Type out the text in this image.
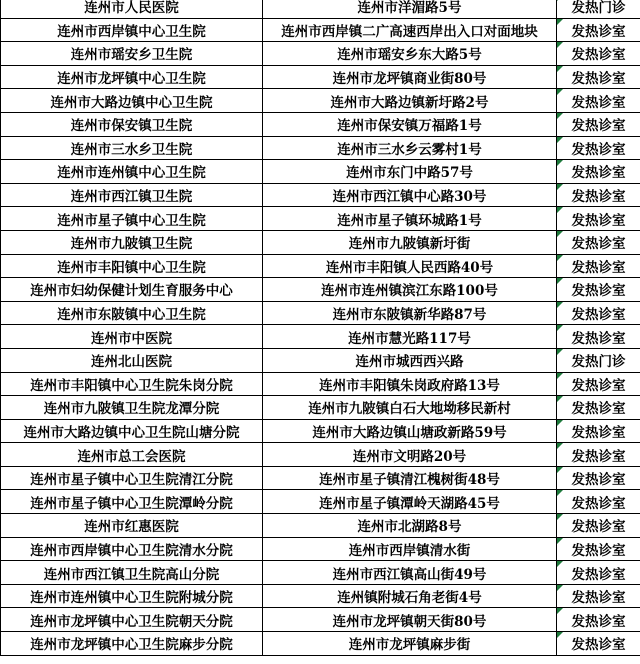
连州市人民医院	连州市洋湄路5号	发热门诊
连州市西岸镇中心卫生院	连州市西岸镇二广高速西岸出入口对面地块	发热诊室
连州市瑶安乡卫生院	连州市瑶安乡东大路5号	发热诊室
连州市龙坪镇中心卫生院	连州市龙坪镇商业街80号	发热诊室
连州市大路边镇中心卫生院	连州市大路边镇新圩路2号	发热诊室
连州市保安镇卫生院	连州市保安镇万福路1号	发热诊室
连州市三水乡卫生院	连州市三水乡云雾村1号	发热诊室
连州市连州镇中心卫生院	连州市东门中路57号	发热诊室
连州市西江镇卫生院	连州市西江镇中心路30号	发热诊室
连州市星子镇中心卫生院	连州市星子镇环城路1号	发热诊室
连州市九陂镇卫生院	连州市九陂镇新圩街	发热诊室
连州市丰阳镇中心卫生院	连州市丰阳镇人民西路40号	发热诊室
连州市妇幼保健计划生育服务中心	连州市连州镇滨江东路100号	发热诊室
连州市东陂镇中心卫生院	连州市东陂镇新华路87号	发热诊室
连州市中医院	连州市慧光路117号	发热诊室
连州北山医院	连州市城西西兴路	发热门诊
连州市丰阳镇中心卫生院朱岗分院	连州市丰阳镇朱岗政府路13号	发热诊室
连州市九陂镇卫生院龙潭分院	连州市九陂镇白石大地坳移民新村	发热诊室
连州市大路边镇中心卫生院山塘分院	连州市大路边镇山塘政新路59号	发热诊室
连州市总工会医院	连州市文明路20号	发热诊室
连州市星子镇中心卫生院清江分院	连州市星子镇清江槐树街48号	发热诊室
连州市星子镇中心卫生院潭岭分院	连州市星子镇潭岭天湖路45号	发热诊室
连州市红惠医院	连州市北湖路8号	发热诊室
连州市西岸镇中心卫生院清水分院	连州市西岸镇清水街	发热诊室
连州市西江镇卫生院高山分院	连州市西江镇高山街49号	发热诊室
连州市连州镇中心卫生院附城分院	连州镇附城石角老街4号	发热诊室
连州市龙坪镇中心卫生院朝天分院	连州市龙坪镇朝天街80号	发热诊室
连州市龙坪镇中心卫生院麻步分院	连州市龙坪镇麻步街	发热诊室
